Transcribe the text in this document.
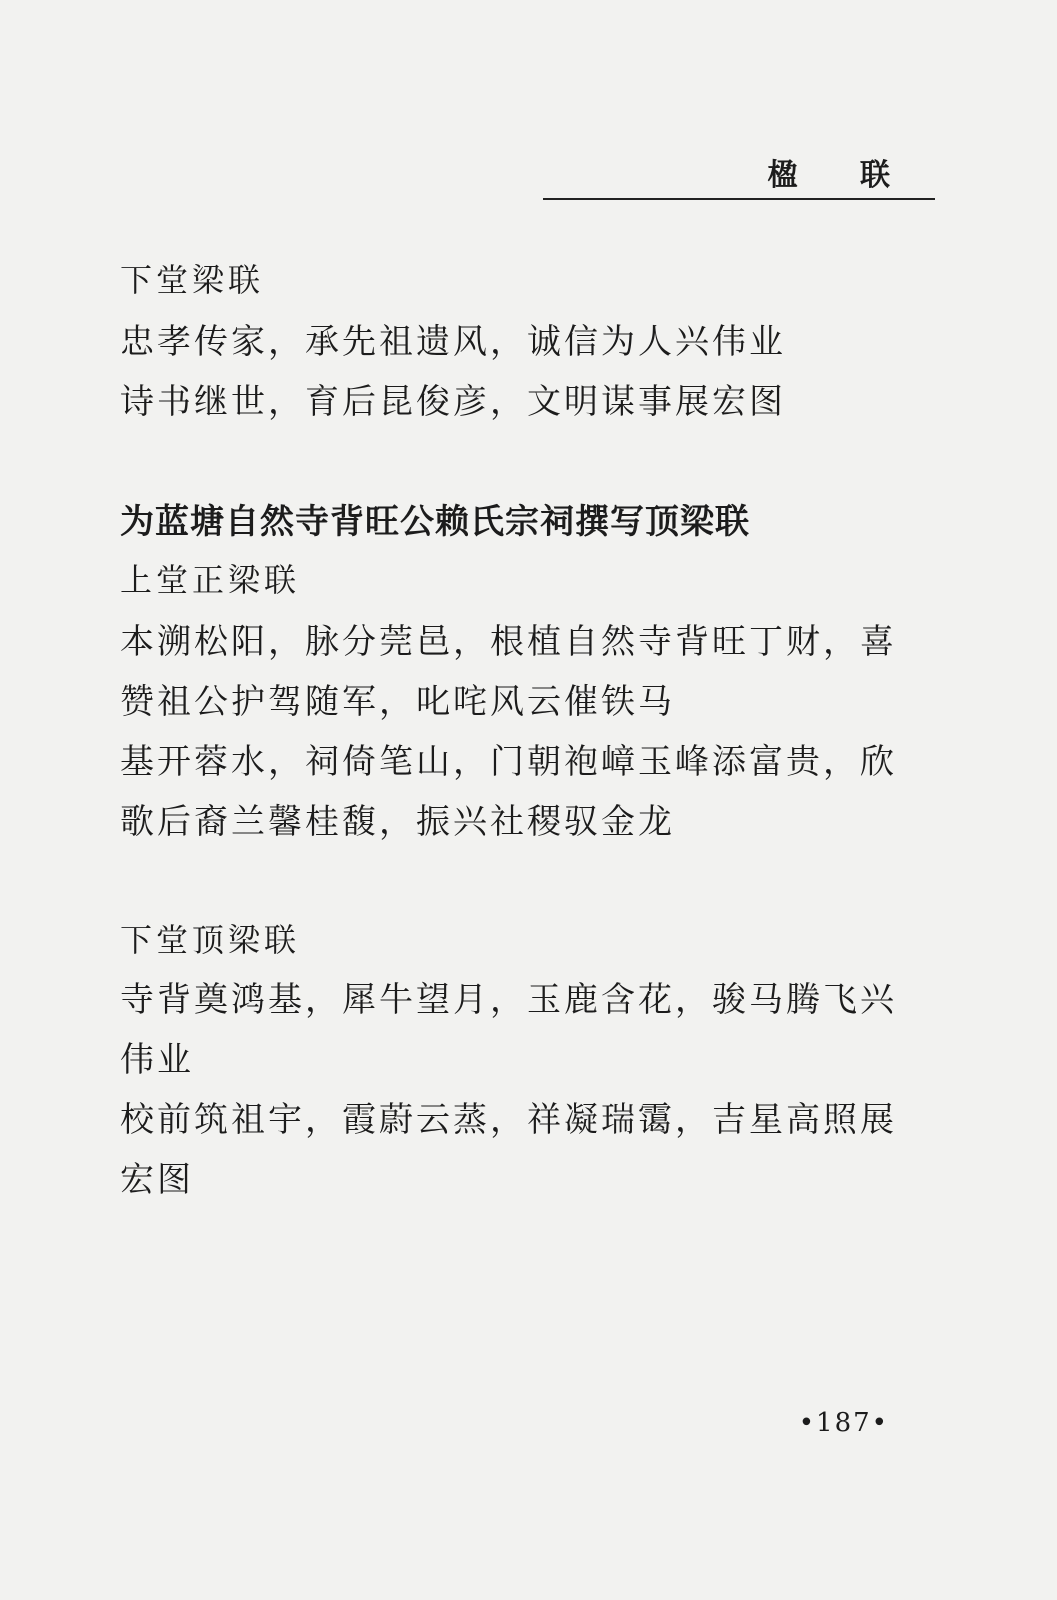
楹 联
下堂梁联
忠孝传家，承先祖遗风，诚信为人兴伟业
诗书继世，育后昆俊彦，文明谋事展宏图
为蓝塘自然寺背旺公赖氏宗祠撰写顶梁联
上堂正梁联
本溯松阳，脉分莞邑，根植自然寺背旺丁财，喜
赞祖公护驾随军，叱咤风云催铁马
基开蓉水，祠倚笔山，门朝袍嶂玉峰添富贵，欣
歌后裔兰馨桂馥，振兴社稷驭金龙
下堂顶梁联
寺背奠鸿基，犀牛望月，玉鹿含花，骏马腾飞兴
伟业
校前筑祖宇，霞蔚云蒸，祥凝瑞霭，吉星高照展
宏图
•187•
